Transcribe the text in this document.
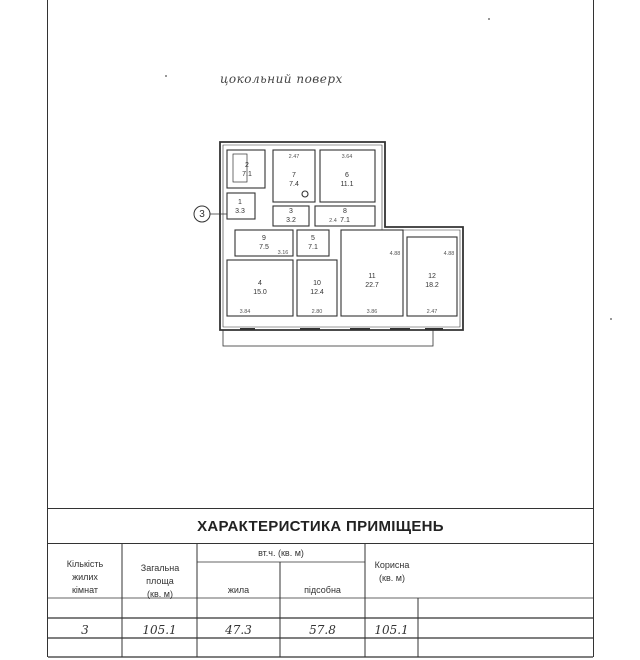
цокольний поверх
3
2
7.1
1
3.3
7
7.4
6
11.1
3
3.2
8
7.1
9
7.5
5
7.1
4
15.0
10
12.4
11
22.7
12
18.2
2.47	3.64
2.4
3.16
3.84	2.80	3.86	2.47
4.88	4.88
ХАРАКТЕРИСТИКА ПРИМІЩЕНЬ
Кількість
жилих
кімнат
Загальна
площа
(кв. м)
вт.ч. (кв. м)
жила	підсобна
Корисна
(кв. м)
3	105.1	47.3	57.8	105.1
